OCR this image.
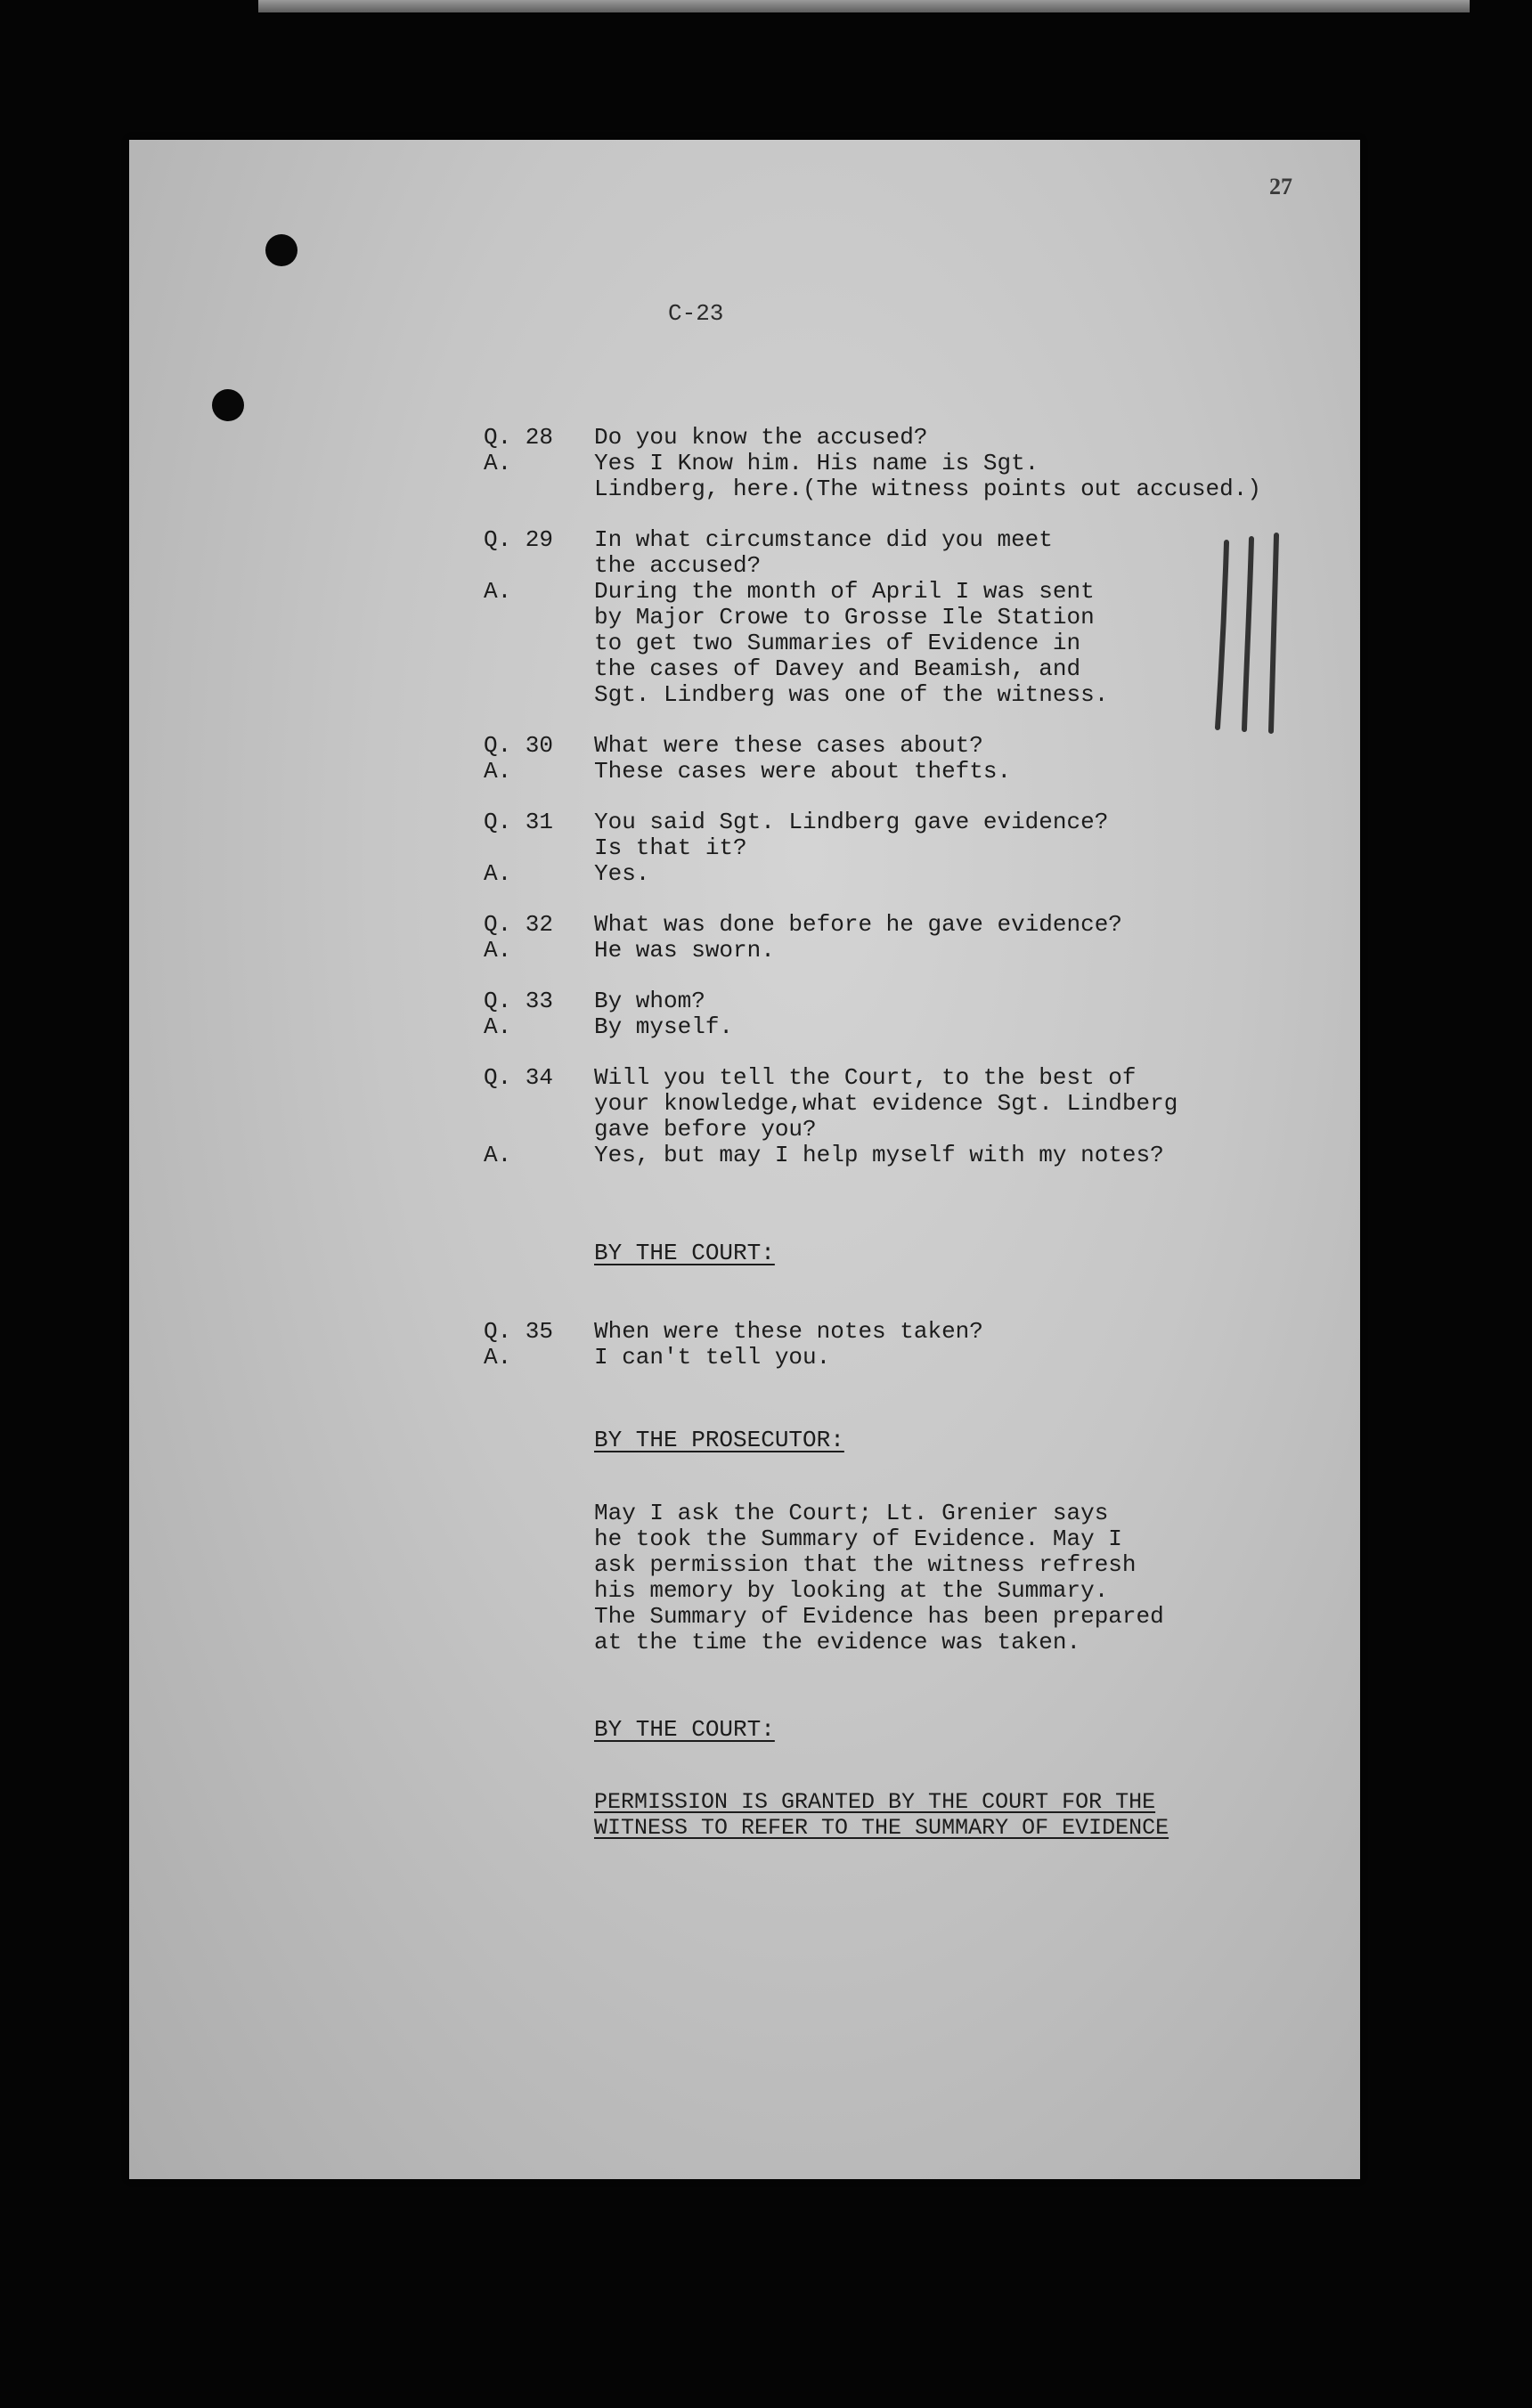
27
C-23
Q. 28	Do you know the accused?
A.	Yes I Know him. His name is Sgt.
Lindberg, here.(The witness points out accused.)
Q. 29	In what circumstance did you meet
the accused?
A.	During the month of April I was sent
by Major Crowe to Grosse Ile Station
to get two Summaries of Evidence in
the cases of Davey and Beamish, and
Sgt. Lindberg was one of the witness.
Q. 30	What were these cases about?
A.	These cases were about thefts.
Q. 31	You said Sgt. Lindberg gave evidence?
Is that it?
A.	Yes.
Q. 32	What was done before he gave evidence?
A.	He was sworn.
Q. 33	By whom?
A.	By myself.
Q. 34	Will you tell the Court, to the best of
your knowledge,what evidence Sgt. Lindberg
gave before you?
A.	Yes, but may I help myself with my notes?
BY THE COURT:
Q. 35	When were these notes taken?
A.	I can't tell you.
BY THE PROSECUTOR:
May I ask the Court; Lt. Grenier says
he took the Summary of Evidence. May I
ask permission that the witness refresh
his memory by looking at the Summary.
The Summary of Evidence has been prepared
at the time the evidence was taken.
BY THE COURT:
PERMISSION IS GRANTED BY THE COURT FOR THE
WITNESS TO REFER TO THE SUMMARY OF EVIDENCE
